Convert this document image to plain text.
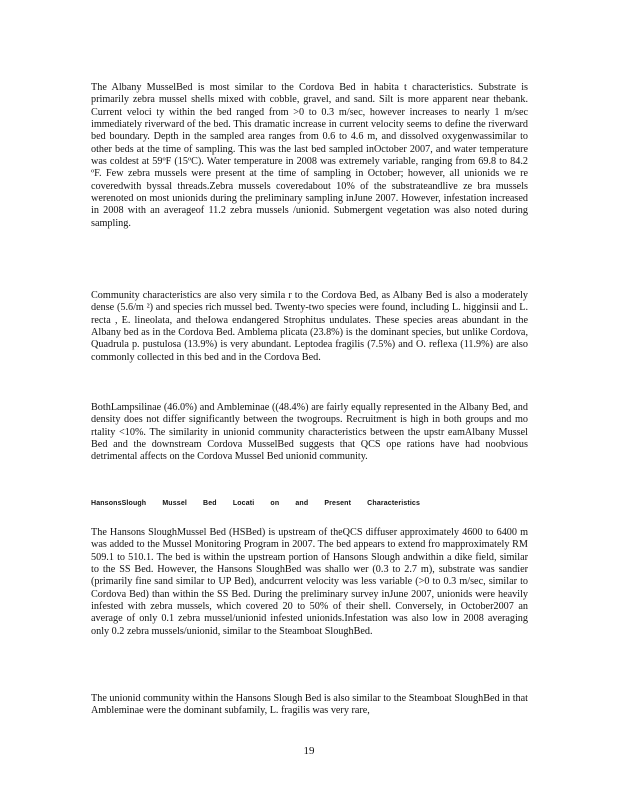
The Albany MusselBed is most similar to the Cordova Bed in habita t characteristics. Substrate is primarily zebra mussel shells mixed with cobble, gravel, and sand. Silt is more apparent near thebank. Current veloci ty within the bed ranged from >0 to 0.3 m/sec, however increases to nearly 1 m/sec immediately riverward of the bed. This dramatic increase in current velocity seems to define the riverward bed boundary. Depth in the sampled area ranges from 0.6 to 4.6 m, and dissolved oxygenwassimilar to other beds at the time of sampling. This was the last bed sampled inOctober 2007, and water temperature was coldest at 59ºF (15ºC). Water temperature in 2008 was extremely variable, ranging from 69.8 to 84.2 ºF. Few zebra mussels were present at the time of sampling in October; however, all unionids we re coveredwith byssal threads.Zebra mussels coveredabout 10% of the substrateandlive ze bra mussels werenoted on most unionids during the preliminary sampling inJune 2007. However, infestation increased in 2008 with an averageof 11.2 zebra mussels /unionid. Submergent vegetation was also noted during sampling.

Community characteristics are also very simila r to the Cordova Bed, as Albany Bed is also a moderately dense (5.6/m ²) and species rich mussel bed. Twenty-two species were found, including L. higginsii and L. recta , E. lineolata, and theIowa endangered Strophitus undulates. These species areas abundant in the Albany bed as in the Cordova Bed. Amblema plicata (23.8%) is the dominant species, but unlike Cordova, Quadrula p. pustulosa (13.9%) is very abundant. Leptodea fragilis (7.5%) and O. reflexa (11.9%) are also commonly collected in this bed and in the Cordova Bed.

BothLampsilinae (46.0%) and Ambleminae ((48.4%) are fairly equally represented in the Albany Bed, and density does not differ significantly between the twogroups. Recruitment is high in both groups and mo rtality <10%. The similarity in unionid community characteristics between the upstr eamAlbany Mussel Bed and the downstream Cordova MusselBed suggests that QCS ope rations have had noobvious detrimental affects on the Cordova Mussel Bed unionid community.

HansonsSlough Mussel Bed Locati on and Present Characteristics

The Hansons SloughMussel Bed (HSBed) is upstream of theQCS diffuser approximately 4600 to 6400 m was added to the Mussel Monitoring Program in 2007. The bed appears to extend fro mapproximately RM 509.1 to 510.1. The bed is within the upstream portion of Hansons Slough andwithin a dike field, similar to the SS Bed. However, the Hansons SloughBed was shallo wer (0.3 to 2.7 m), substrate was sandier (primarily fine sand similar to UP Bed), andcurrent velocity was less variable (>0 to 0.3 m/sec, similar to Cordova Bed) than within the SS Bed. During the preliminary survey inJune 2007, unionids were heavily infested with zebra mussels, which covered 20 to 50% of their shell. Conversely, in October2007 an average of only 0.1 zebra mussel/unionid infested unionids.Infestation was also low in 2008 averaging only 0.2 zebra mussels/unionid, similar to the Steamboat SloughBed.

The unionid community within the Hansons Slough Bed is also similar to the Steamboat SloughBed in that Ambleminae were the dominant subfamily, L. fragilis was very rare,

19
